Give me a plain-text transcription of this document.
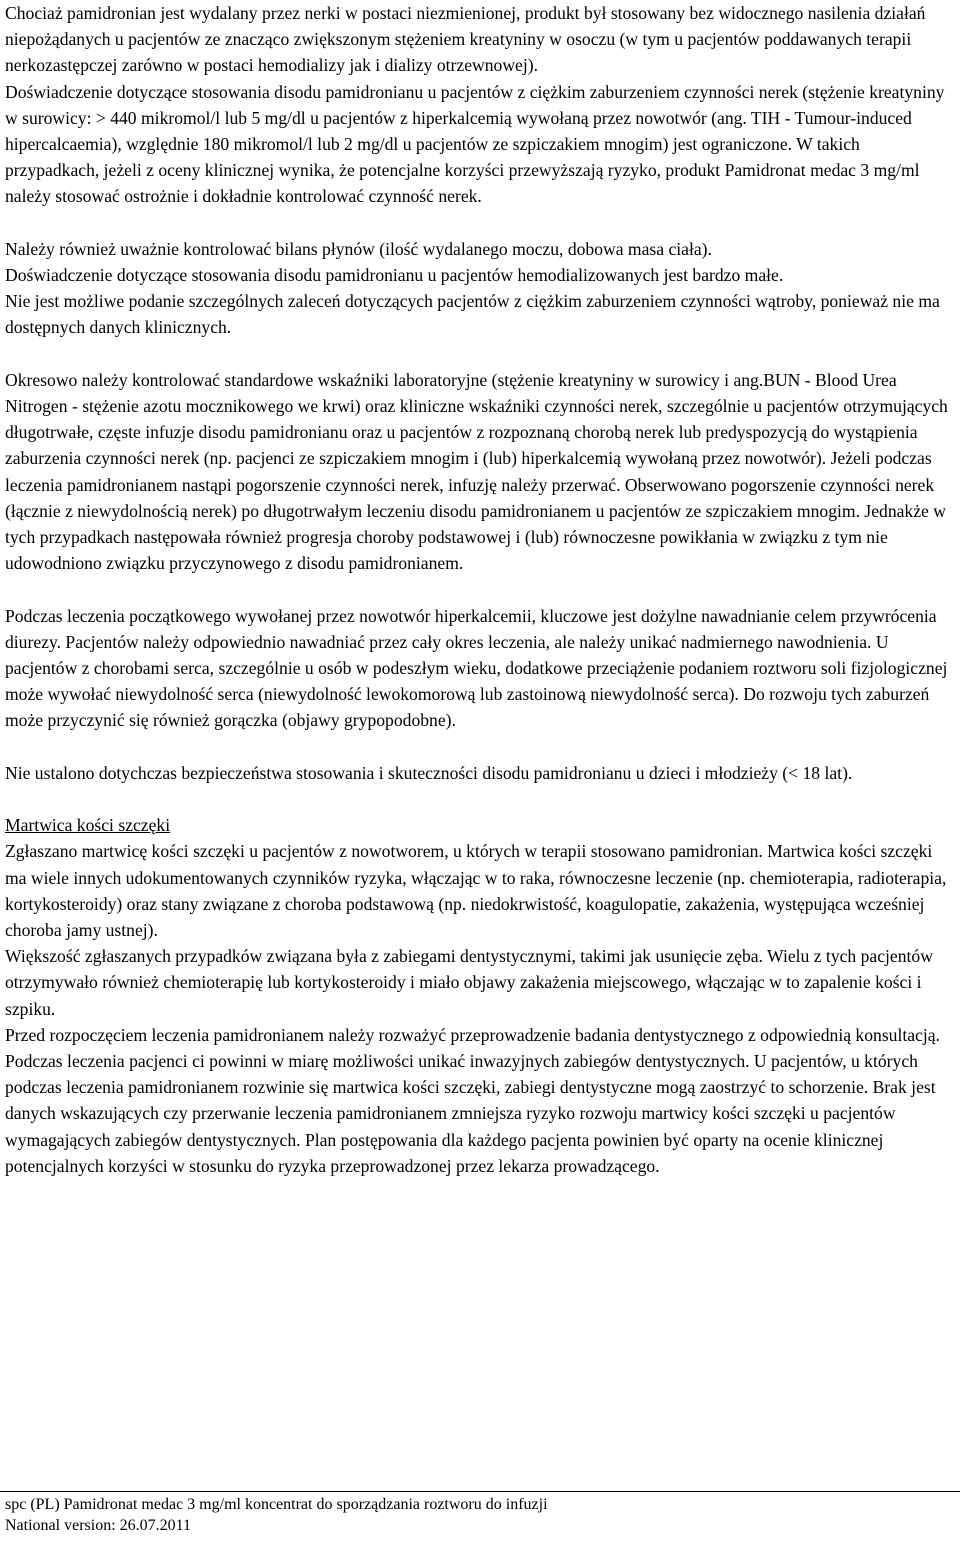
Chociaż pamidronian jest wydalany przez nerki w postaci niezmienionej, produkt był stosowany bez widocznego nasilenia działań niepożądanych u pacjentów ze znacząco zwiększonym stężeniem kreatyniny w osoczu (w tym u pacjentów poddawanych terapii nerkozastępczej zarówno w postaci hemodializy jak i dializy otrzewnowej).

Doświadczenie dotyczące stosowania disodu pamidronianu u pacjentów z ciężkim zaburzeniem czynności nerek (stężenie kreatyniny w surowicy: > 440 mikromol/l lub 5 mg/dl u pacjentów z hiperkalcemią wywołaną przez nowotwór (ang. TIH - Tumour-induced hipercalcaemia), względnie 180 mikromol/l lub 2 mg/dl u pacjentów ze szpiczakiem mnogim) jest ograniczone. W takich przypadkach, jeżeli z oceny klinicznej wynika, że potencjalne korzyści przewyższają ryzyko, produkt Pamidronat medac 3 mg/ml należy stosować ostrożnie i dokładnie kontrolować czynność nerek.

Należy również uważnie kontrolować bilans płynów (ilość wydalanego moczu, dobowa masa ciała).

Doświadczenie dotyczące stosowania disodu pamidronianu u pacjentów hemodializowanych jest bardzo małe.

Nie jest możliwe podanie szczególnych zaleceń dotyczących pacjentów z ciężkim zaburzeniem czynności wątroby, ponieważ nie ma dostępnych danych klinicznych.

Okresowo należy kontrolować standardowe wskaźniki laboratoryjne (stężenie kreatyniny w surowicy i ang.BUN - Blood Urea Nitrogen - stężenie azotu mocznikowego we krwi) oraz kliniczne wskaźniki czynności nerek, szczególnie u pacjentów otrzymujących długotrwałe, częste infuzje disodu pamidronianu oraz u pacjentów z rozpoznaną chorobą nerek lub predyspozycją do wystąpienia zaburzenia czynności nerek (np. pacjenci ze szpiczakiem mnogim i (lub) hiperkalcemią wywołaną przez nowotwór). Jeżeli podczas leczenia pamidronianem nastąpi pogorszenie czynności nerek, infuzję należy przerwać. Obserwowano pogorszenie czynności nerek (łącznie z niewydolnością nerek) po długotrwałym leczeniu disodu pamidronianem u pacjentów ze szpiczakiem mnogim. Jednakże w tych przypadkach następowała również progresja choroby podstawowej i (lub) równoczesne powikłania w związku z tym nie udowodniono związku przyczynowego z disodu pamidronianem.

Podczas leczenia początkowego wywołanej przez nowotwór hiperkalcemii, kluczowe jest dożylne nawadnianie celem przywrócenia diurezy. Pacjentów należy odpowiednio nawadniać przez cały okres leczenia, ale należy unikać nadmiernego nawodnienia. U pacjentów z chorobami serca, szczególnie u osób w podeszłym wieku, dodatkowe przeciążenie podaniem roztworu soli fizjologicznej może wywołać niewydolność serca (niewydolność lewokomorową lub zastoinową niewydolność serca). Do rozwoju tych zaburzeń może przyczynić się również gorączka (objawy grypopodobne).

Nie ustalono dotychczas bezpieczeństwa stosowania i skuteczności disodu pamidronianu u dzieci i młodzieży (< 18 lat).

Martwica kości szczęki

Zgłaszano martwicę kości szczęki u pacjentów z nowotworem, u których w terapii stosowano pamidronian. Martwica kości szczęki ma wiele innych udokumentowanych czynników ryzyka, włączając w to raka, równoczesne leczenie (np. chemioterapia, radioterapia, kortykosteroidy) oraz stany związane z choroba podstawową (np. niedokrwistość, koagulopatie, zakażenia, występująca wcześniej choroba jamy ustnej).

Większość zgłaszanych przypadków związana była z zabiegami dentystycznymi, takimi jak usunięcie zęba. Wielu z tych pacjentów otrzymywało również chemioterapię lub kortykosteroidy i miało objawy zakażenia miejscowego, włączając w to zapalenie kości i szpiku.

Przed rozpoczęciem leczenia pamidronianem należy rozważyć przeprowadzenie badania dentystycznego z odpowiednią konsultacją. Podczas leczenia pacjenci ci powinni w miarę możliwości unikać inwazyjnych zabiegów dentystycznych. U pacjentów, u których podczas leczenia pamidronianem rozwinie się martwica kości szczęki, zabiegi dentystyczne mogą zaostrzyć to schorzenie. Brak jest danych wskazujących czy przerwanie leczenia pamidronianem zmniejsza ryzyko rozwoju martwicy kości szczęki u pacjentów wymagających zabiegów dentystycznych. Plan postępowania dla każdego pacjenta powinien być oparty na ocenie klinicznej potencjalnych korzyści w stosunku do ryzyka przeprowadzonej przez lekarza prowadzącego.

spc (PL) Pamidronat medac 3 mg/ml koncentrat do sporządzania roztworu do infuzji
National version: 26.07.2011
